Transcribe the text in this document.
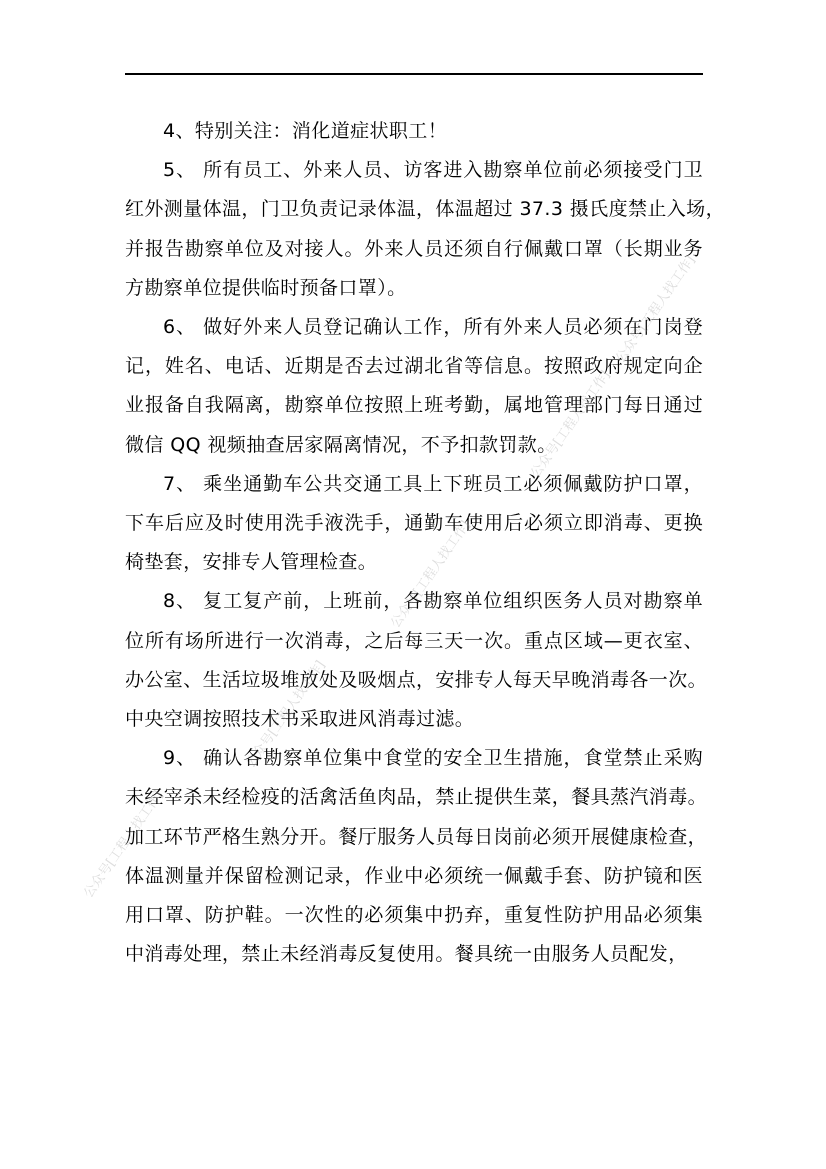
4、特别关注：消化道症状职工！

5、 所有员工、外来人员、访客进入勘察单位前必须接受门卫
红外测量体温，门卫负责记录体温，体温超过 37.3 摄氏度禁止入场，
并报告勘察单位及对接人。外来人员还须自行佩戴口罩（长期业务
方勘察单位提供临时预备口罩）。

6、 做好外来人员登记确认工作，所有外来人员必须在门岗登
记，姓名、电话、近期是否去过湖北省等信息。按照政府规定向企
业报备自我隔离，勘察单位按照上班考勤，属地管理部门每日通过
微信 QQ 视频抽查居家隔离情况，不予扣款罚款。

7、 乘坐通勤车公共交通工具上下班员工必须佩戴防护口罩，
下车后应及时使用洗手液洗手，通勤车使用后必须立即消毒、更换
椅垫套，安排专人管理检查。

8、 复工复产前，上班前，各勘察单位组织医务人员对勘察单
位所有场所进行一次消毒，之后每三天一次。重点区域—更衣室、
办公室、生活垃圾堆放处及吸烟点，安排专人每天早晚消毒各一次。
中央空调按照技术书采取进风消毒过滤。

9、 确认各勘察单位集中食堂的安全卫生措施，食堂禁止采购
未经宰杀未经检疫的活禽活鱼肉品，禁止提供生菜，餐具蒸汽消毒。
加工环节严格生熟分开。餐厅服务人员每日岗前必须开展健康检查，
体温测量并保留检测记录，作业中必须统一佩戴手套、防护镜和医
用口罩、防护鞋。一次性的必须集中扔弃，重复性防护用品必须集
中消毒处理，禁止未经消毒反复使用。餐具统一由服务人员配发，

公众号[工程人找工作]
公众号[工程人找工作]
公众号[工程人找工作]
公众号[工程人找工作]
公众号[工程人找工作]
